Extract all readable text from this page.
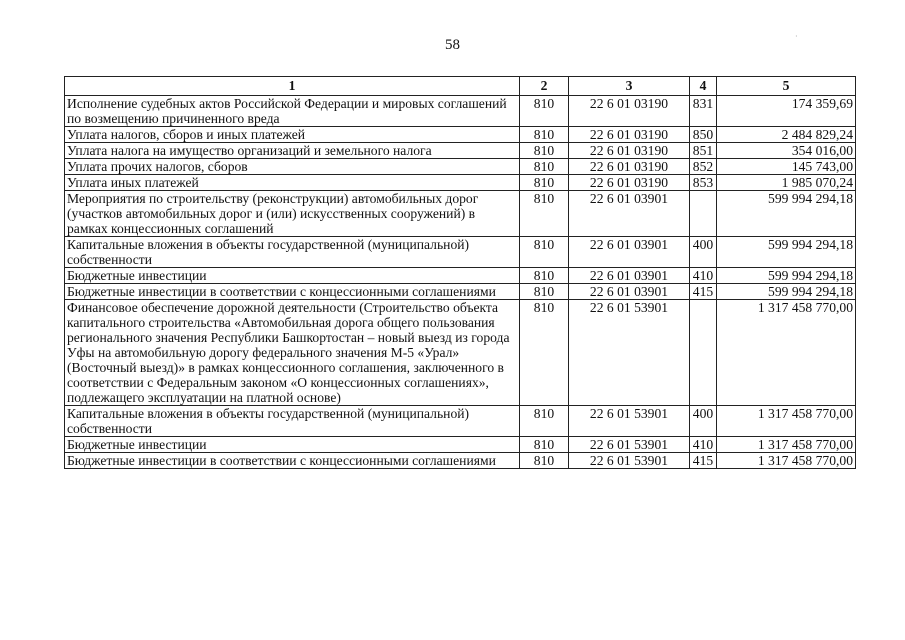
58
1	2	3	4	5
Исполнение судебных актов Российской Федерации и мировых соглашений по возмещению причиненного вреда	810	22 6 01 03190	831	174 359,69
Уплата налогов, сборов и иных платежей	810	22 6 01 03190	850	2 484 829,24
Уплата налога на имущество организаций и земельного налога	810	22 6 01 03190	851	354 016,00
Уплата прочих налогов, сборов	810	22 6 01 03190	852	145 743,00
Уплата иных платежей	810	22 6 01 03190	853	1 985 070,24
Мероприятия по строительству (реконструкции) автомобильных дорог (участков автомобильных дорог и (или) искусственных сооружений) в рамках концессионных соглашений	810	22 6 01 03901		599 994 294,18
Капитальные вложения в объекты государственной (муниципальной) собственности	810	22 6 01 03901	400	599 994 294,18
Бюджетные инвестиции	810	22 6 01 03901	410	599 994 294,18
Бюджетные инвестиции в соответствии с концессионными соглашениями	810	22 6 01 03901	415	599 994 294,18
Финансовое обеспечение дорожной деятельности (Строительство объекта капитального строительства «Автомобильная дорога общего пользования регионального значения Республики Башкортостан – новый выезд из города Уфы на автомобильную дорогу федерального значения М-5 «Урал» (Восточный выезд)» в рамках концессионного соглашения, заключенного в соответствии с Федеральным законом «О концессионных соглашениях», подлежащего эксплуатации на платной основе)	810	22 6 01 53901		1 317 458 770,00
Капитальные вложения в объекты государственной (муниципальной) собственности	810	22 6 01 53901	400	1 317 458 770,00
Бюджетные инвестиции	810	22 6 01 53901	410	1 317 458 770,00
Бюджетные инвестиции в соответствии с концессионными соглашениями	810	22 6 01 53901	415	1 317 458 770,00
·
